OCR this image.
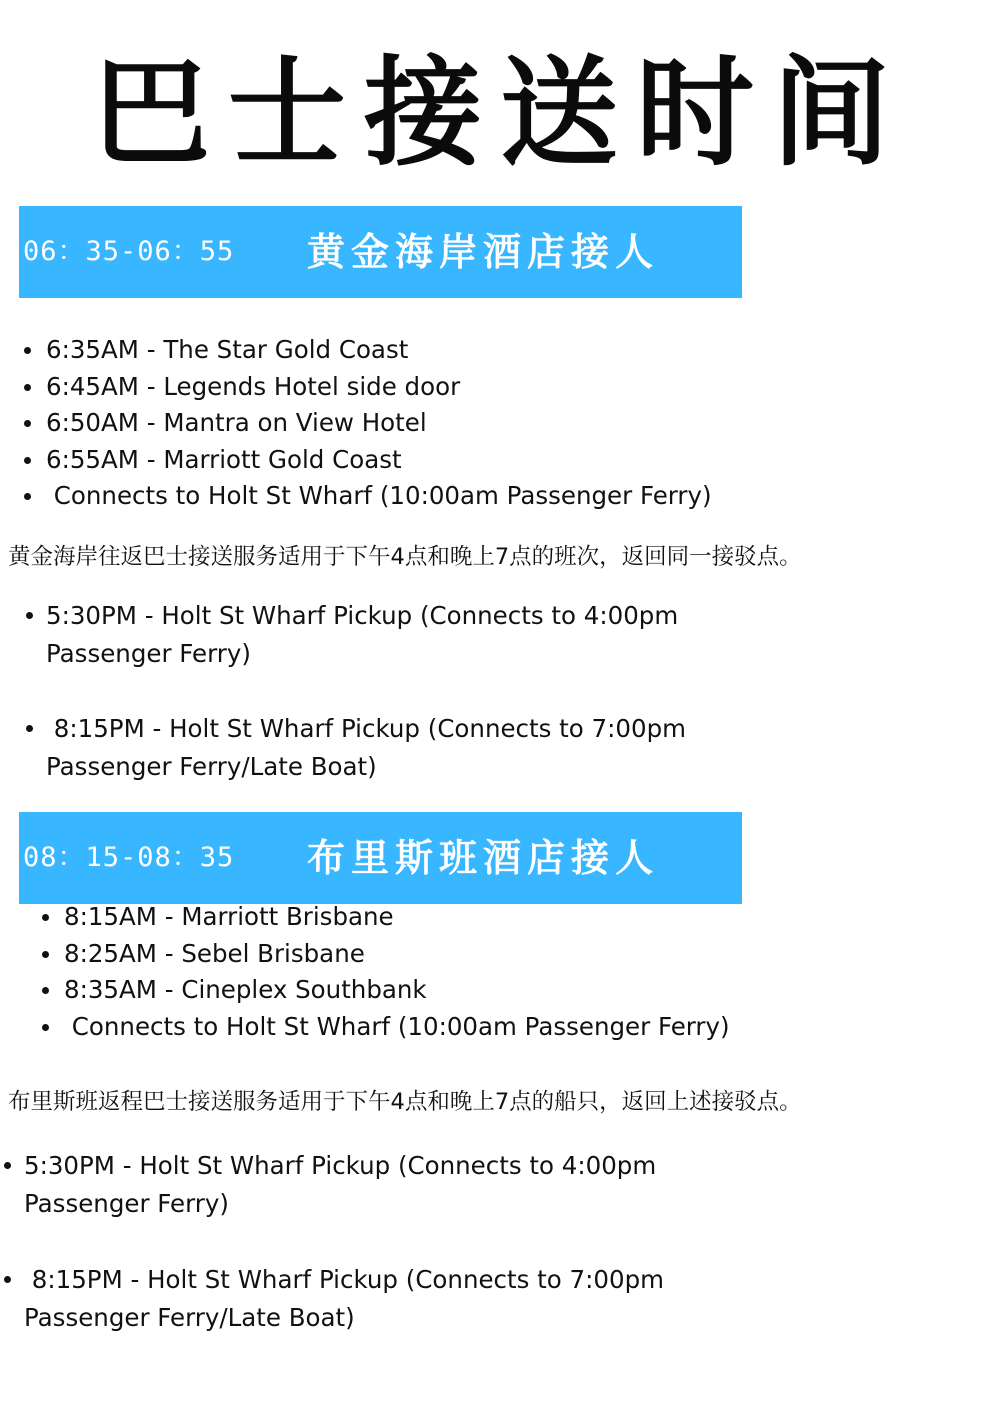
巴士接送时间
06：35-06：55 黄金海岸酒店接人
6:35AM - The Star Gold Coast
6:45AM - Legends Hotel side door
6:50AM - Mantra on View Hotel
6:55AM - Marriott Gold Coast
Connects to Holt St Wharf (10:00am Passenger Ferry)
黄金海岸往返巴士接送服务适用于下午4点和晚上7点的班次，返回同一接驳点。
5:30PM - Holt St Wharf Pickup (Connects to 4:00pm
Passenger Ferry)
8:15PM - Holt St Wharf Pickup (Connects to 7:00pm
Passenger Ferry/Late Boat)
08：15-08：35 布里斯班酒店接人
8:15AM - Marriott Brisbane
8:25AM - Sebel Brisbane
8:35AM - Cineplex Southbank
Connects to Holt St Wharf (10:00am Passenger Ferry)
布里斯班返程巴士接送服务适用于下午4点和晚上7点的船只，返回上述接驳点。
5:30PM - Holt St Wharf Pickup (Connects to 4:00pm
Passenger Ferry)
8:15PM - Holt St Wharf Pickup (Connects to 7:00pm
Passenger Ferry/Late Boat)
